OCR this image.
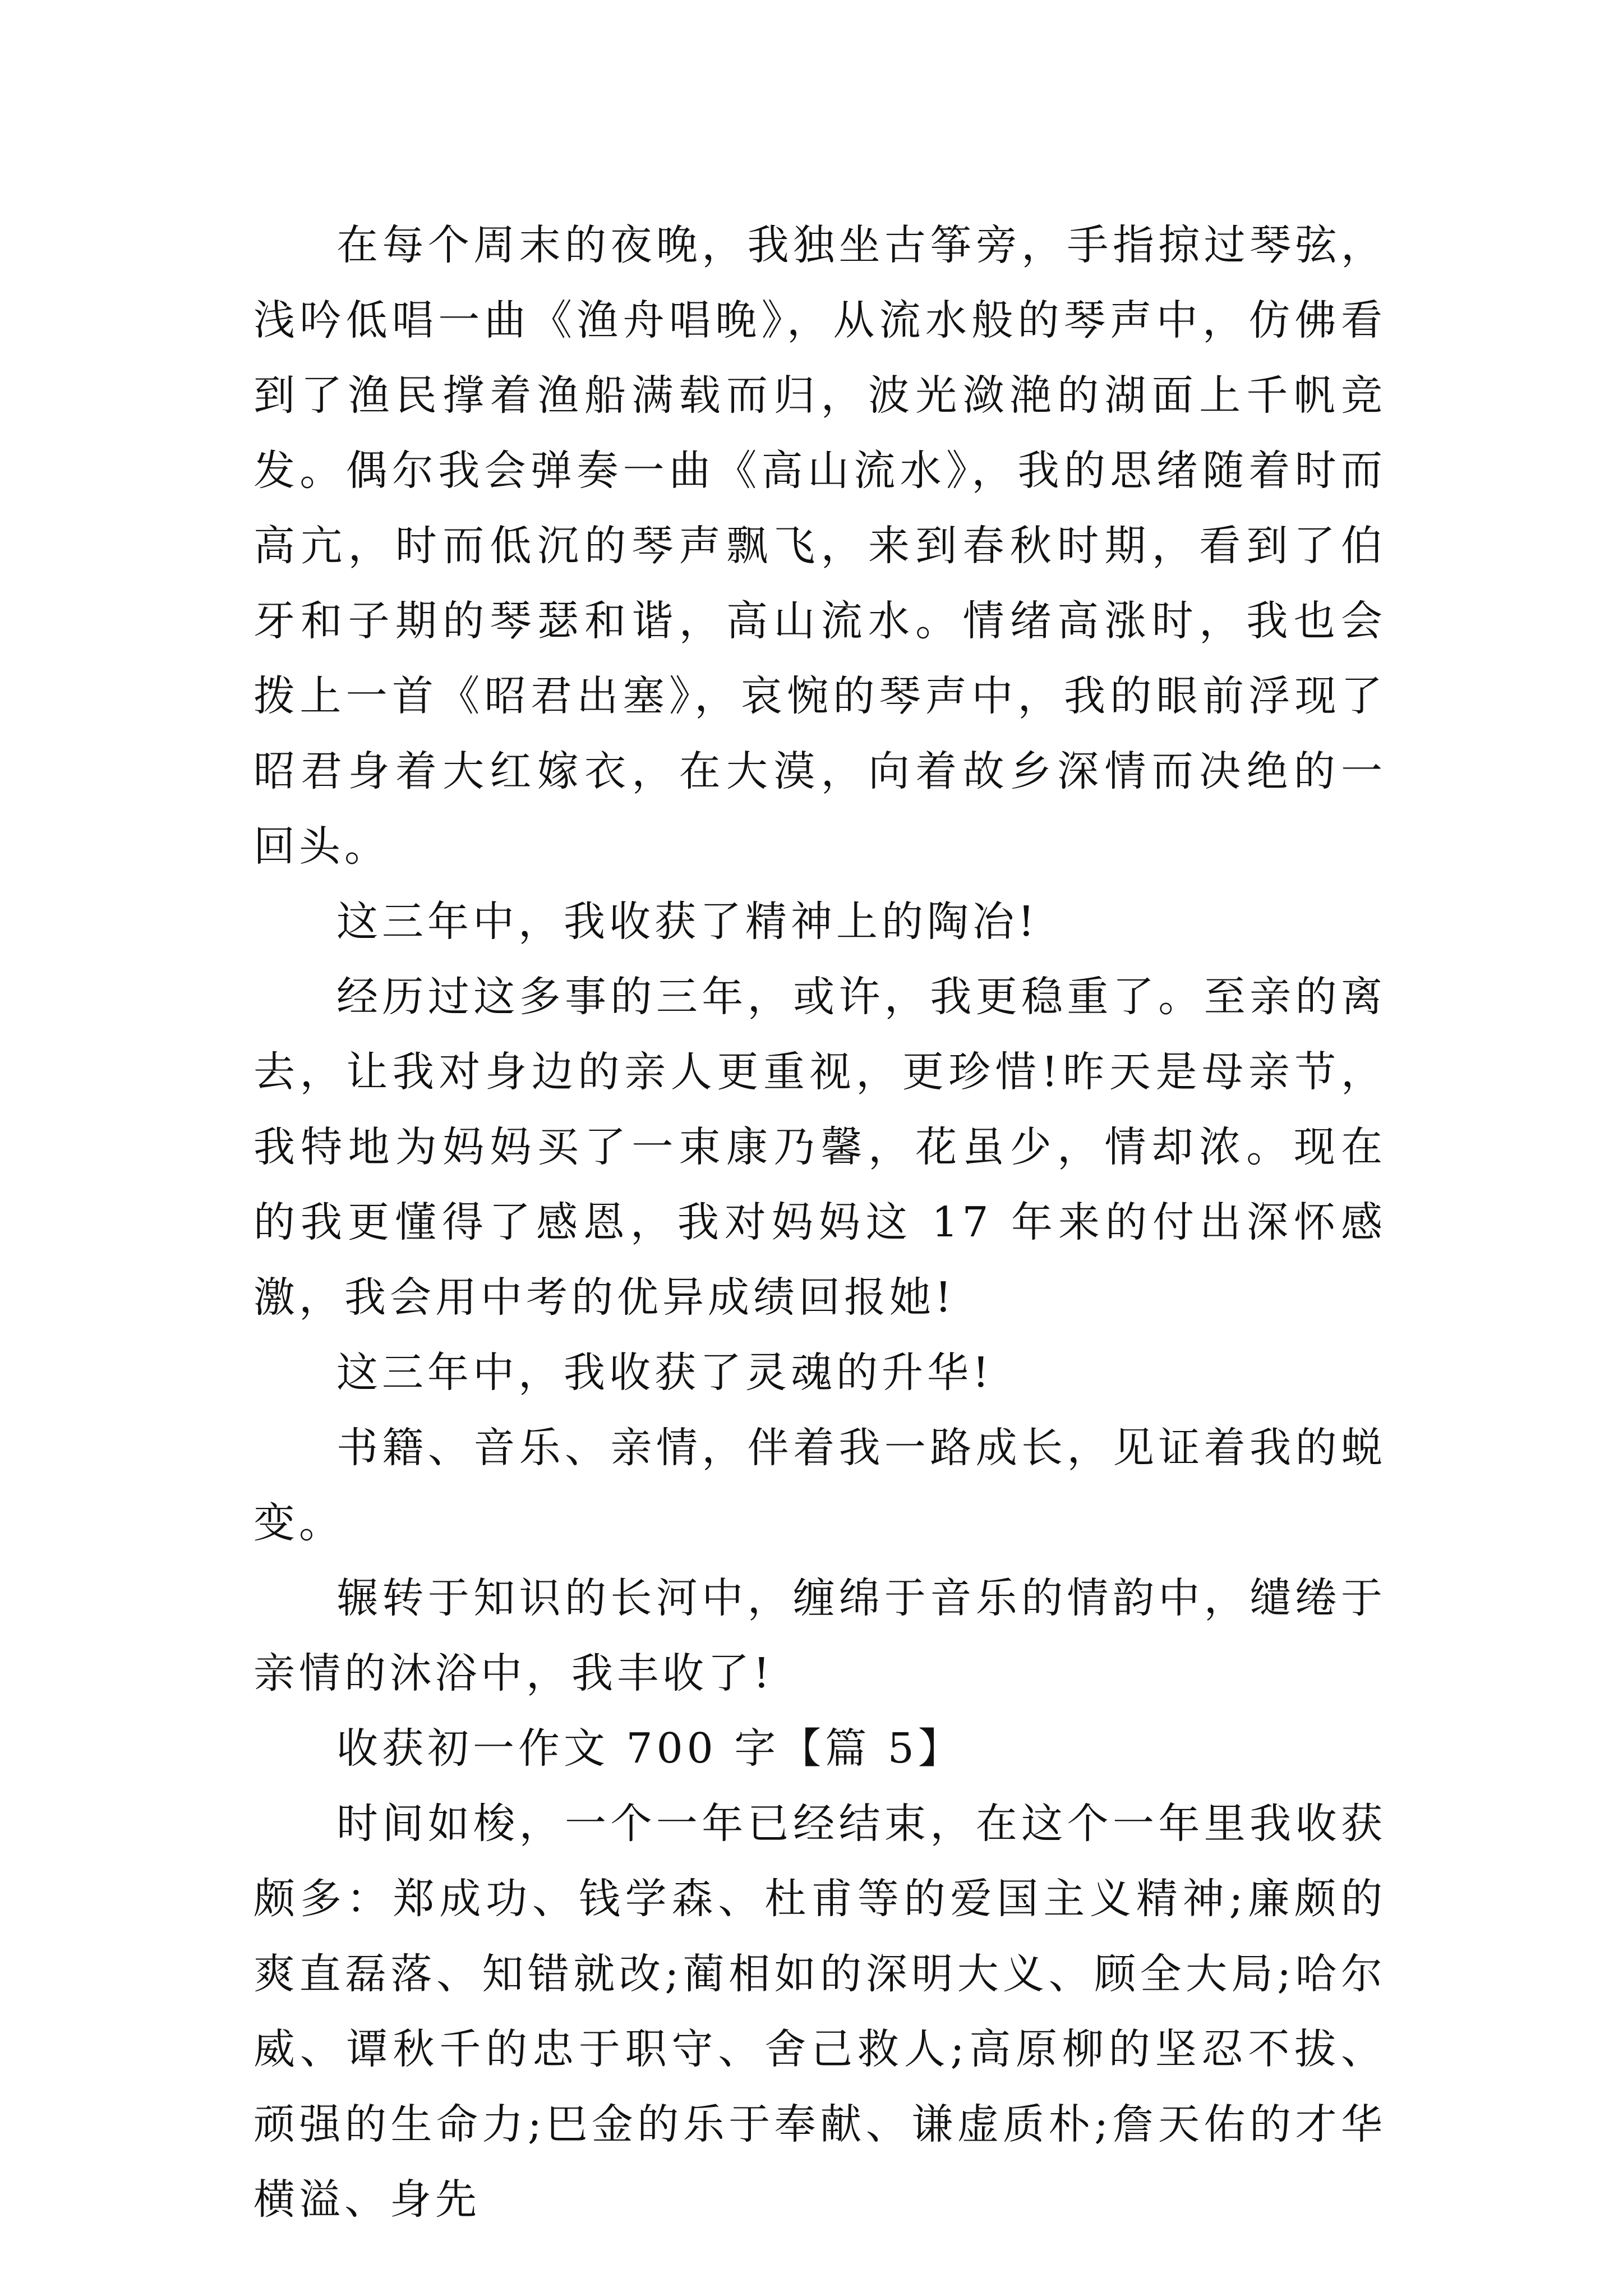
在每个周末的夜晚，我独坐古筝旁，手指掠过琴弦，浅吟低唱一曲《渔舟唱晚》，从流水般的琴声中，仿佛看到了渔民撑着渔船满载而归，波光潋滟的湖面上千帆竞发。偶尔我会弹奏一曲《高山流水》，我的思绪随着时而高亢，时而低沉的琴声飘飞，来到春秋时期，看到了伯牙和子期的琴瑟和谐，高山流水。情绪高涨时，我也会拨上一首《昭君出塞》，哀惋的琴声中，我的眼前浮现了昭君身着大红嫁衣，在大漠，向着故乡深情而决绝的一回头。

这三年中，我收获了精神上的陶冶!

经历过这多事的三年，或许，我更稳重了。至亲的离去，让我对身边的亲人更重视，更珍惜!昨天是母亲节，我特地为妈妈买了一束康乃馨，花虽少，情却浓。现在的我更懂得了感恩，我对妈妈这 17 年来的付出深怀感激，我会用中考的优异成绩回报她!

这三年中，我收获了灵魂的升华!

书籍、音乐、亲情，伴着我一路成长，见证着我的蜕变。

辗转于知识的长河中，缠绵于音乐的情韵中，缱绻于亲情的沐浴中，我丰收了!

收获初一作文 700 字【篇 5】

时间如梭，一个一年已经结束，在这个一年里我收获颇多：郑成功、钱学森、杜甫等的爱国主义精神;廉颇的爽直磊落、知错就改;蔺相如的深明大义、顾全大局;哈尔威、谭秋千的忠于职守、舍己救人;高原柳的坚忍不拔、顽强的生命力;巴金的乐于奉献、谦虚质朴;詹天佑的才华横溢、身先
